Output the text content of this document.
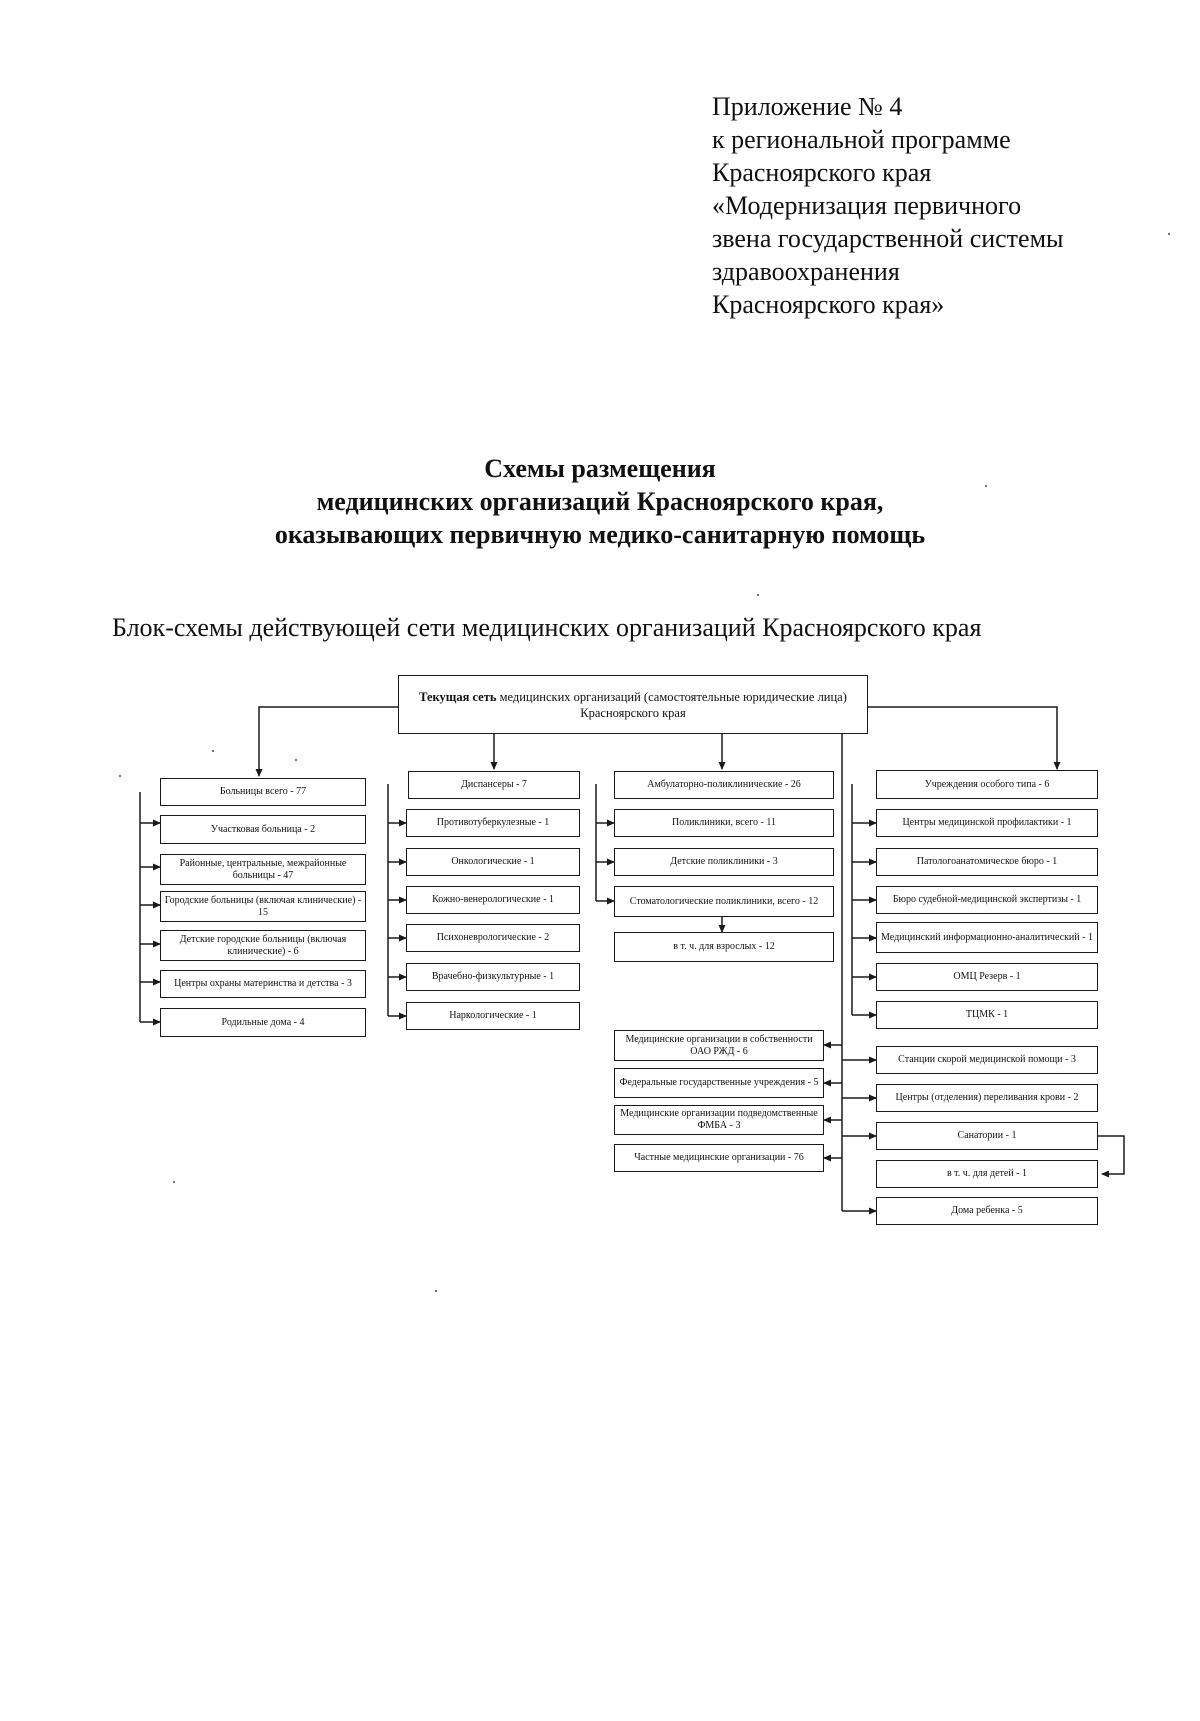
Приложение № 4
к региональной программе
Красноярского края
«Модернизация первичного
звена государственной системы
здравоохранения
Красноярского края»
Схемы размещения
медицинских организаций Красноярского края,
оказывающих первичную медико-санитарную помощь
Блок-схемы действующей сети медицинских организаций Красноярского края
Текущая сеть медицинских организаций (самостоятельные юридические лица) Красноярского края
Больницы всего - 77
Участковая больница - 2
Районные, центральные, межрайонные больницы - 47
Городские больницы (включая клинические) - 15
Детские городские больницы (включая клинические) - 6
Центры охраны материнства и детства - 3
Родильные дома - 4
Диспансеры - 7
Противотуберкулезные - 1
Онкологические - 1
Кожно-венерологические - 1
Психоневрологические - 2
Врачебно-физкультурные - 1
Наркологические - 1
Амбулаторно-поликлинические - 26
Поликлиники, всего - 11
Детские поликлиники - 3
Стоматологические поликлиники, всего - 12
в т. ч. для взрослых - 12
Учреждения особого типа - 6
Центры медицинской профилактики - 1
Патологоанатомическое бюро - 1
Бюро судебной-медицинской экспертизы - 1
Медицинский информационно-аналитический - 1
ОМЦ Резерв - 1
ТЦМК - 1
Медицинские организации в собственности ОАО РЖД - 6
Федеральные государственные учреждения - 5
Медицинские организации подведомственные ФМБА - 3
Частные медицинские организации - 76
Станции скорой медицинской помощи - 3
Центры (отделения) переливания крови - 2
Санатории - 1
в т. ч. для детей - 1
Дома ребенка - 5
